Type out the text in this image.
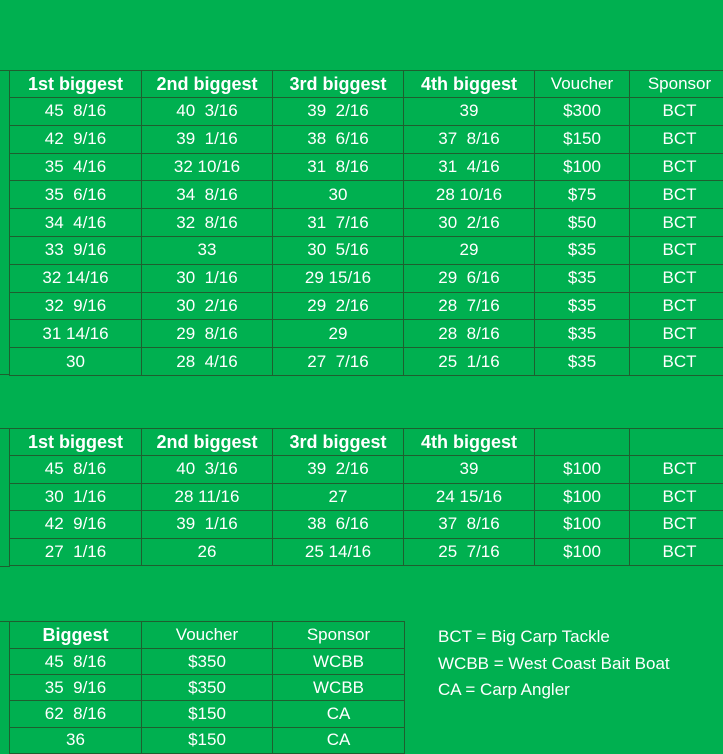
1st biggest	2nd biggest	3rd biggest	4th biggest	Voucher	Sponsor
45  8/16	40  3/16	39  2/16	39	$300	BCT
42  9/16	39  1/16	38  6/16	37  8/16	$150	BCT
35  4/16	32 10/16	31  8/16	31  4/16	$100	BCT
35  6/16	34  8/16	30	28 10/16	$75	BCT
34  4/16	32  8/16	31  7/16	30  2/16	$50	BCT
33  9/16	33	30  5/16	29	$35	BCT
32 14/16	30  1/16	29 15/16	29  6/16	$35	BCT
32  9/16	30  2/16	29  2/16	28  7/16	$35	BCT
31 14/16	29  8/16	29	28  8/16	$35	BCT
30	28  4/16	27  7/16	25  1/16	$35	BCT
1st biggest	2nd biggest	3rd biggest	4th biggest		
45  8/16	40  3/16	39  2/16	39	$100	BCT
30  1/16	28 11/16	27	24 15/16	$100	BCT
42  9/16	39  1/16	38  6/16	37  8/16	$100	BCT
27  1/16	26	25 14/16	25  7/16	$100	BCT
Biggest	Voucher	Sponsor
45  8/16	$350	WCBB
35  9/16	$350	WCBB
62  8/16	$150	CA
36	$150	CA
BCT = Big Carp Tackle
WCBB = West Coast Bait Boat
CA = Carp Angler
